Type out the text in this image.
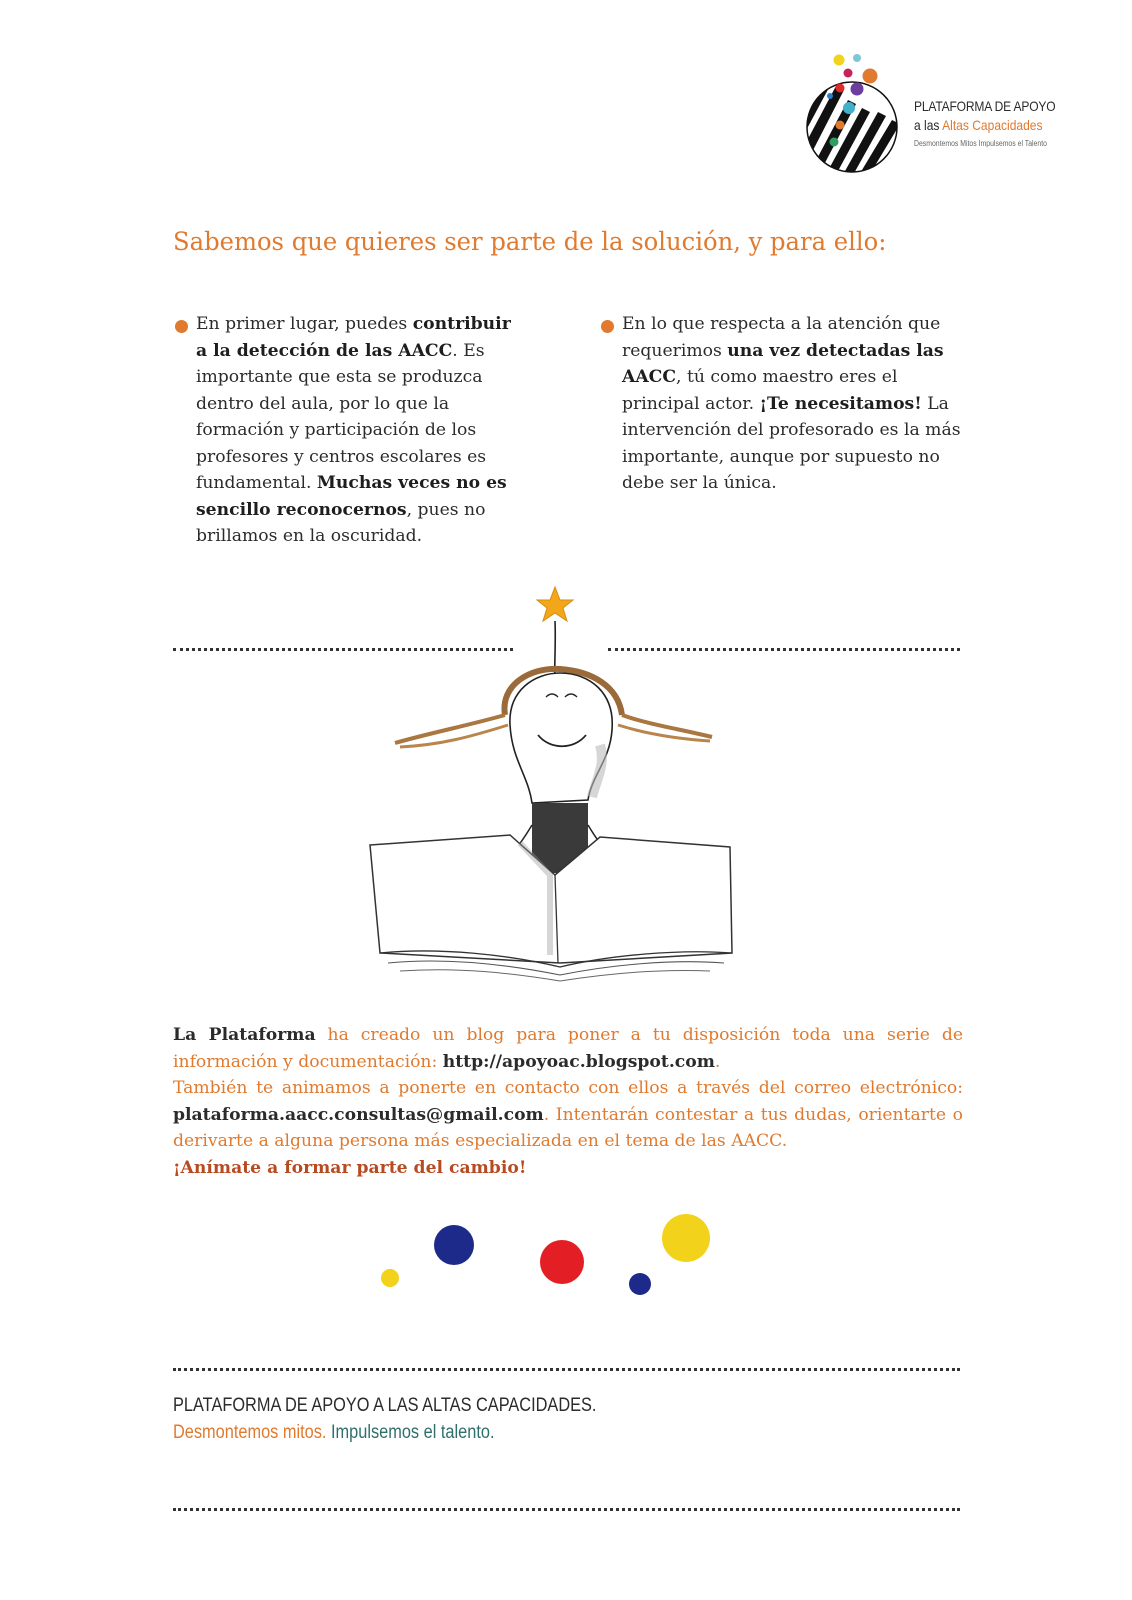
PLATAFORMA DE APOYO
a las Altas Capacidades
Desmontemos Mitos Impulsemos el Talento
Sabemos que quieres ser parte de la solución, y para ello:
En primer lugar, puedes contribuir a la detección de las AACC. Es importante que esta se produzca dentro del aula, por lo que la formación y participación de los profesores y centros escolares es fundamental. Muchas veces no es sencillo reconocernos, pues no brillamos en la oscuridad.
En lo que respecta a la atención que requerimos una vez detectadas las AACC, tú como maestro eres el principal actor. ¡Te necesitamos! La intervención del profesorado es la más importante, aunque por supuesto no debe ser la única.
La Plataforma ha creado un blog para poner a tu disposición toda una serie de información y documentación: http://apoyoac.blogspot.com.
También te animamos a ponerte en contacto con ellos a través del correo electrónico: plataforma.aacc.consultas@gmail.com. Intentarán contestar a tus dudas, orientarte o derivarte a alguna persona más especializada en el tema de las AACC.
¡Anímate a formar parte del cambio!
PLATAFORMA DE APOYO A LAS ALTAS CAPACIDADES.
Desmontemos mitos. Impulsemos el talento.
